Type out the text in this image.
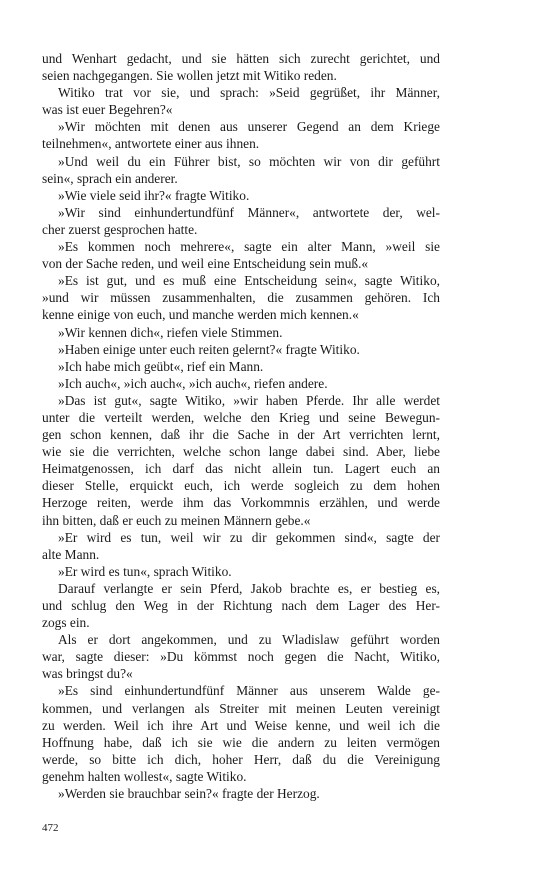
und Wenhart gedacht, und sie hätten sich zurecht gerichtet, und
seien nachgegangen. Sie wollen jetzt mit Witiko reden.
Witiko trat vor sie, und sprach: »Seid gegrüßet, ihr Männer,
was ist euer Begehren?«
»Wir möchten mit denen aus unserer Gegend an dem Kriege
teilnehmen«, antwortete einer aus ihnen.
»Und weil du ein Führer bist, so möchten wir von dir geführt
sein«, sprach ein anderer.
»Wie viele seid ihr?« fragte Witiko.
»Wir sind einhundertundfünf Männer«, antwortete der, wel-
cher zuerst gesprochen hatte.
»Es kommen noch mehrere«, sagte ein alter Mann, »weil sie
von der Sache reden, und weil eine Entscheidung sein muß.«
»Es ist gut, und es muß eine Entscheidung sein«, sagte Witiko,
»und wir müssen zusammenhalten, die zusammen gehören. Ich
kenne einige von euch, und manche werden mich kennen.«
»Wir kennen dich«, riefen viele Stimmen.
»Haben einige unter euch reiten gelernt?« fragte Witiko.
»Ich habe mich geübt«, rief ein Mann.
»Ich auch«, »ich auch«, »ich auch«, riefen andere.
»Das ist gut«, sagte Witiko, »wir haben Pferde. Ihr alle werdet
unter die verteilt werden, welche den Krieg und seine Bewegun-
gen schon kennen, daß ihr die Sache in der Art verrichten lernt,
wie sie die verrichten, welche schon lange dabei sind. Aber, liebe
Heimatgenossen, ich darf das nicht allein tun. Lagert euch an
dieser Stelle, erquickt euch, ich werde sogleich zu dem hohen
Herzoge reiten, werde ihm das Vorkommnis erzählen, und werde
ihn bitten, daß er euch zu meinen Männern gebe.«
»Er wird es tun, weil wir zu dir gekommen sind«, sagte der
alte Mann.
»Er wird es tun«, sprach Witiko.
Darauf verlangte er sein Pferd, Jakob brachte es, er bestieg es,
und schlug den Weg in der Richtung nach dem Lager des Her-
zogs ein.
Als er dort angekommen, und zu Wladislaw geführt worden
war, sagte dieser: »Du kömmst noch gegen die Nacht, Witiko,
was bringst du?«
»Es sind einhundertundfünf Männer aus unserem Walde ge-
kommen, und verlangen als Streiter mit meinen Leuten vereinigt
zu werden. Weil ich ihre Art und Weise kenne, und weil ich die
Hoffnung habe, daß ich sie wie die andern zu leiten vermögen
werde, so bitte ich dich, hoher Herr, daß du die Vereinigung
genehm halten wollest«, sagte Witiko.
»Werden sie brauchbar sein?« fragte der Herzog.
472
